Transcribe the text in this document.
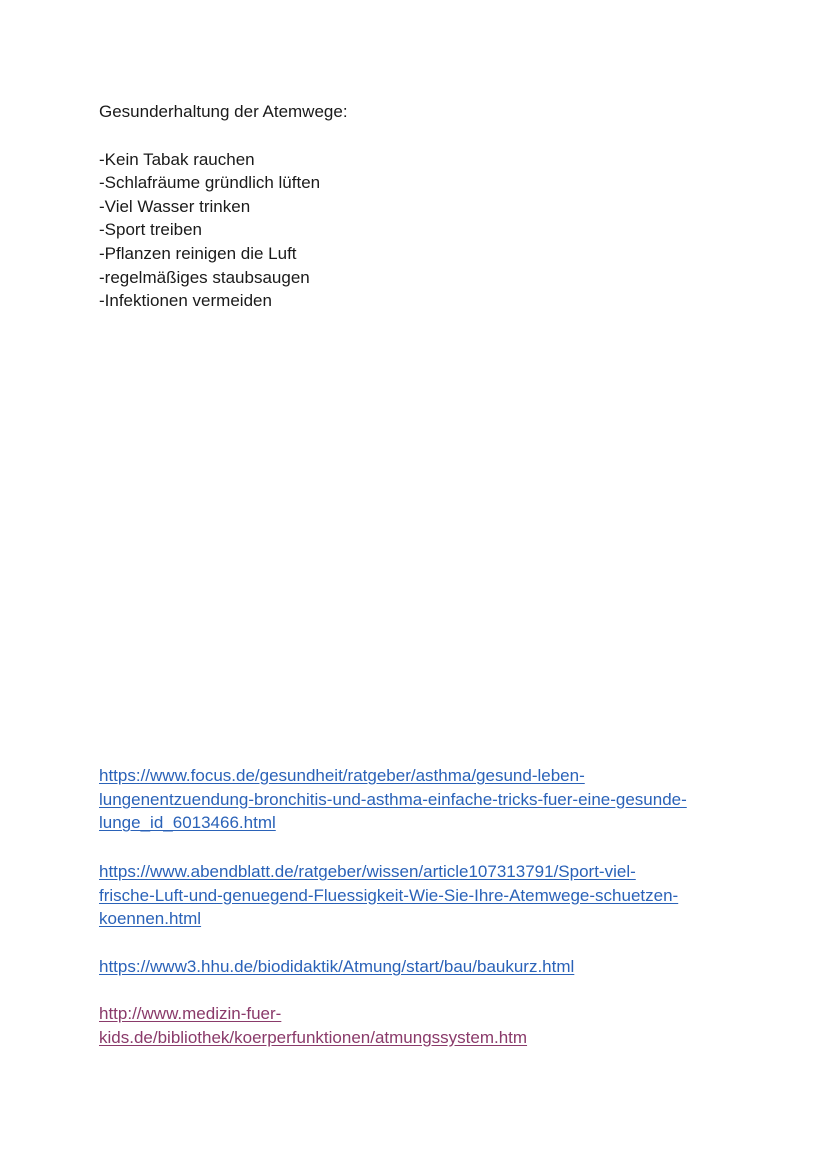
Gesunderhaltung der Atemwege:

-Kein Tabak rauchen
-Schlafräume gründlich lüften
-Viel Wasser trinken
-Sport treiben
-Pflanzen reinigen die Luft
-regelmäßiges staubsaugen
-Infektionen vermeiden
https://www.focus.de/gesundheit/ratgeber/asthma/gesund-leben-
lungenentzuendung-bronchitis-und-asthma-einfache-tricks-fuer-eine-gesunde-
lunge_id_6013466.html
https://www.abendblatt.de/ratgeber/wissen/article107313791/Sport-viel-
frische-Luft-und-genuegend-Fluessigkeit-Wie-Sie-Ihre-Atemwege-schuetzen-
koennen.html
https://www3.hhu.de/biodidaktik/Atmung/start/bau/baukurz.html
http://www.medizin-fuer-
kids.de/bibliothek/koerperfunktionen/atmungssystem.htm
